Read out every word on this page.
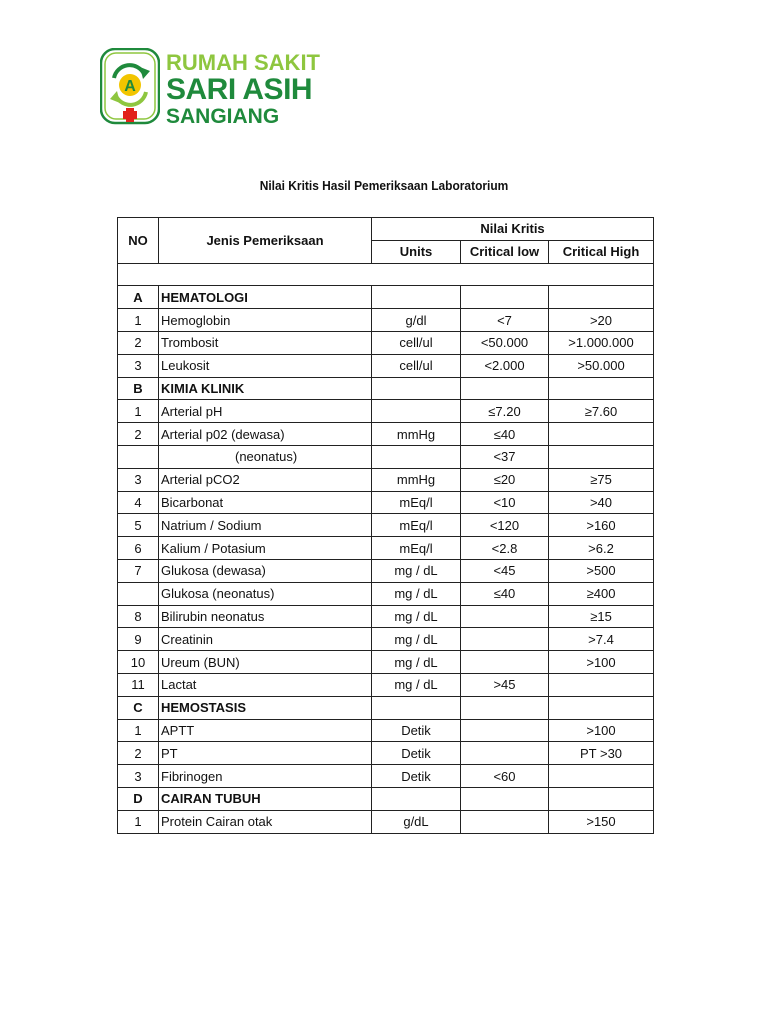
A
RUMAH SAKIT
SARI ASIH
SANGIANG
Nilai Kritis Hasil Pemeriksaan Laboratorium
NO	Jenis Pemeriksaan	Nilai Kritis		
		Units	Critical low	Critical High

A	HEMATOLOGI			
1	Hemoglobin	g/dl	<7	>20
2	Trombosit	cell/ul	<50.000	>1.000.000
3	Leukosit	cell/ul	<2.000	>50.000
B	KIMIA KLINIK			
1	Arterial pH		≤7.20	≥7.60
2	Arterial p02 (dewasa)	mmHg	≤40	
	(neonatus)		<37	
3	Arterial pCO2	mmHg	≤20	≥75
4	Bicarbonat	mEq/l	<10	>40
5	Natrium / Sodium	mEq/l	<120	>160
6	Kalium / Potasium	mEq/l	<2.8	>6.2
7	Glukosa (dewasa)	mg / dL	<45	>500
	Glukosa (neonatus)	mg / dL	≤40	≥400
8	Bilirubin neonatus	mg / dL		≥15
9	Creatinin	mg / dL		>7.4
10	Ureum (BUN)	mg / dL		>100
11	Lactat	mg / dL	>45	
C	HEMOSTASIS			
1	APTT	Detik		>100
2	PT	Detik		PT >30
3	Fibrinogen	Detik	<60	
D	CAIRAN TUBUH			
1	Protein Cairan otak	g/dL		>150
